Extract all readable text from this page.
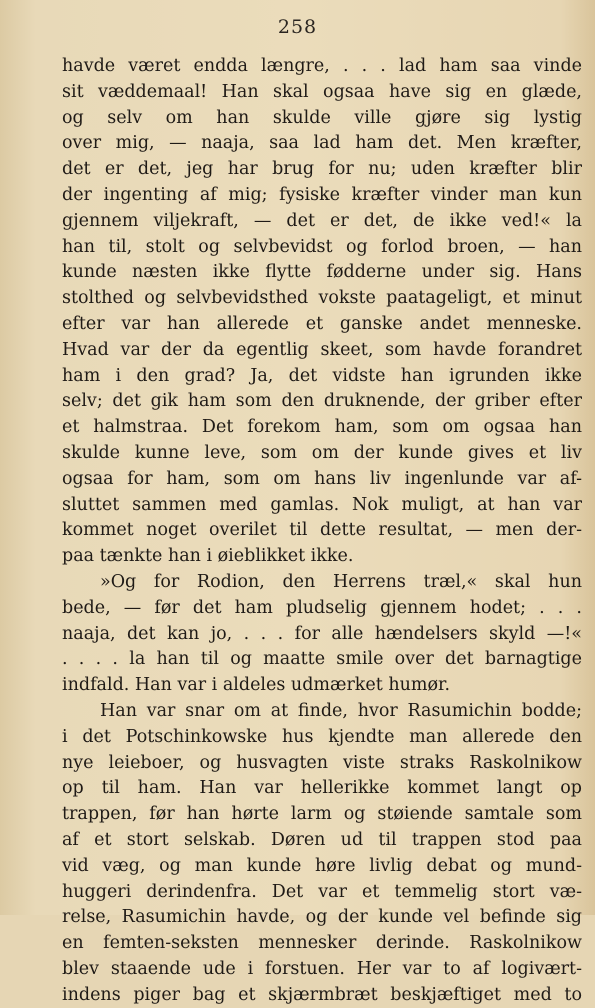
258
havde været endda længre, . . . lad ham saa vinde
sit væddemaal! Han skal ogsaa have sig en glæde,
og selv om han skulde ville gjøre sig lystig
over mig, — naaja, saa lad ham det. Men kræfter,
det er det, jeg har brug for nu; uden kræfter blir
der ingenting af mig; fysiske kræfter vinder man kun
gjennem viljekraft, — det er det, de ikke ved!« la
han til, stolt og selvbevidst og forlod broen, — han
kunde næsten ikke flytte fødderne under sig. Hans
stolthed og selvbevidsthed vokste paatageligt, et minut
efter var han allerede et ganske andet menneske.
Hvad var der da egentlig skeet, som havde forandret
ham i den grad? Ja, det vidste han igrunden ikke
selv; det gik ham som den druknende, der griber efter
et halmstraa. Det forekom ham, som om ogsaa han
skulde kunne leve, som om der kunde gives et liv
ogsaa for ham, som om hans liv ingenlunde var af-
sluttet sammen med gamlas. Nok muligt, at han var
kommet noget overilet til dette resultat, — men der-
paa tænkte han i øieblikket ikke.
»Og for Rodion, den Herrens træl,« skal hun
bede, — før det ham pludselig gjennem hodet; . . .
naaja, det kan jo, . . . for alle hændelsers skyld —!«
. . . . la han til og maatte smile over det barnagtige
indfald. Han var i aldeles udmærket humør.
Han var snar om at finde, hvor Rasumichin bodde;
i det Potschinkowske hus kjendte man allerede den
nye leieboer, og husvagten viste straks Raskolnikow
op til ham. Han var hellerikke kommet langt op
trappen, før han hørte larm og støiende samtale som
af et stort selskab. Døren ud til trappen stod paa
vid væg, og man kunde høre livlig debat og mund-
huggeri derindenfra. Det var et temmelig stort væ-
relse, Rasumichin havde, og der kunde vel befinde sig
en femten-seksten mennesker derinde. Raskolnikow
blev staaende ude i forstuen. Her var to af logivært-
indens piger bag et skjærmbræt beskjæftiget med to
